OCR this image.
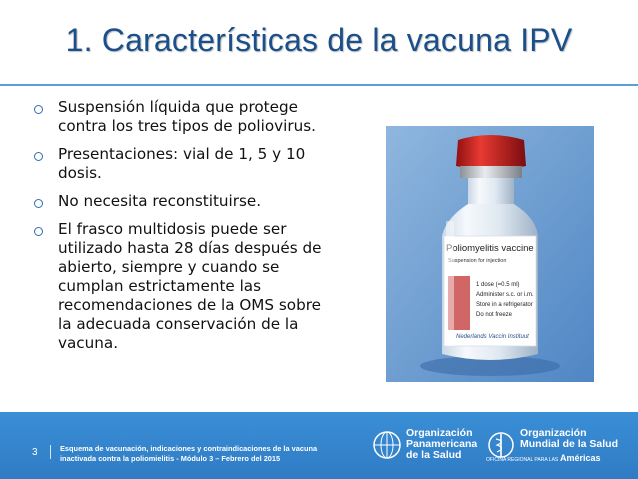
1. Características de la vacuna IPV
Suspensión líquida que protege contra los tres tipos de poliovirus.
Presentaciones: vial de 1, 5 y 10 dosis.
No necesita reconstituirse.
El frasco multidosis puede ser utilizado hasta 28 días después de abierto, siempre y cuando se cumplan estrictamente las recomendaciones de la OMS sobre la adecuada conservación de la vacuna.
Poliomyelitis vaccine
Suspension for injection
1 dose (=0.5 ml)
Administer s.c. or i.m.
Store in a refrigerator
Do not freeze
Nederlands Vaccin Instituut
3	Esquema de vacunación, indicaciones y contraindicaciones de la vacuna inactivada contra la poliomielitis - Módulo 3 – Febrero del 2015
Organización
Panamericana
de la Salud
Organización
Mundial de la Salud
OFICINA REGIONAL PARA LAS Américas
